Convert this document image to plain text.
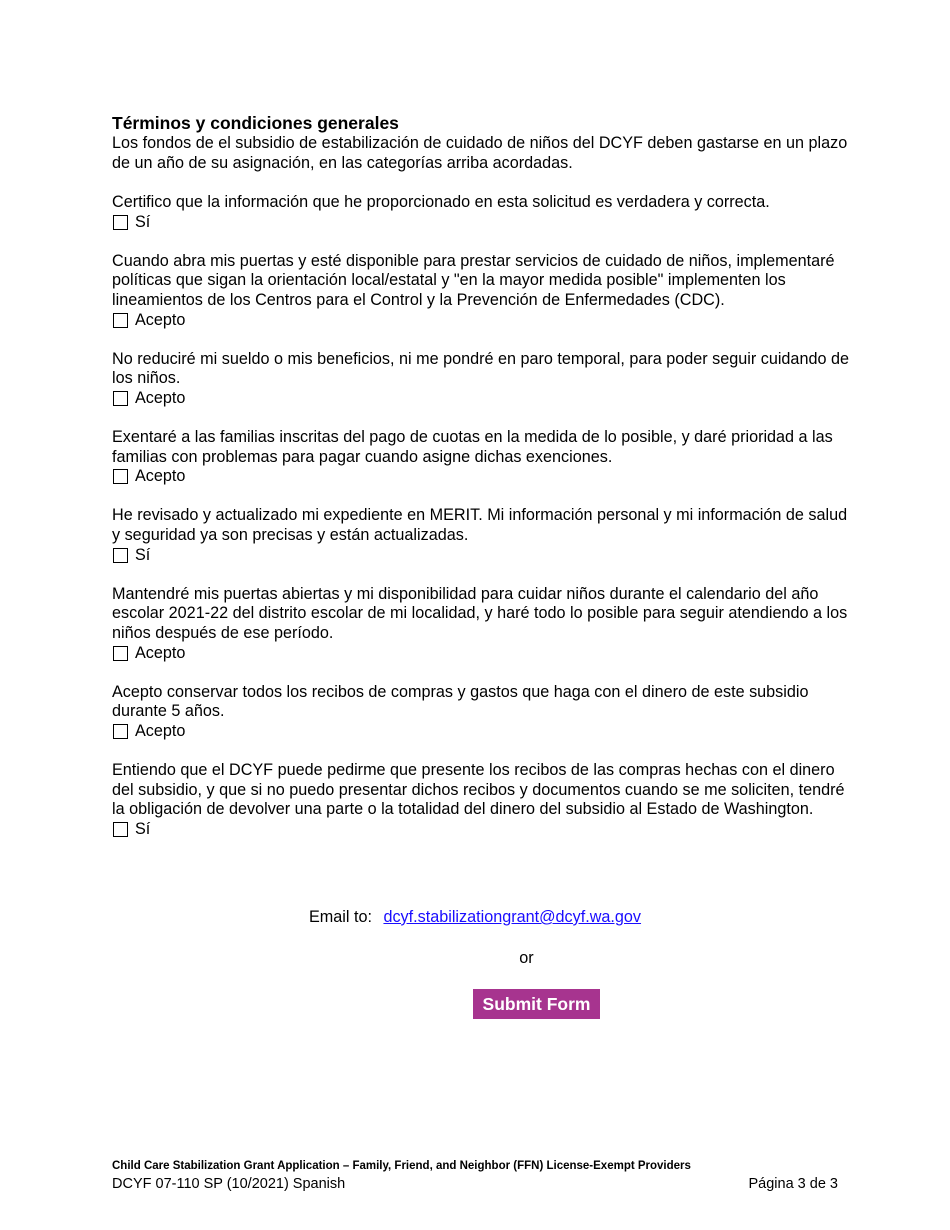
Términos y condiciones generales

Los fondos de el subsidio de estabilización de cuidado de niños del DCYF deben gastarse en un plazo de un año de su asignación, en las categorías arriba acordadas.

Certifico que la información que he proporcionado en esta solicitud es verdadera y correcta.

Sí

Cuando abra mis puertas y esté disponible para prestar servicios de cuidado de niños, implementaré políticas que sigan la orientación local/estatal y "en la mayor medida posible" implementen los lineamientos de los Centros para el Control y la Prevención de Enfermedades (CDC).

Acepto

No reduciré mi sueldo o mis beneficios, ni me pondré en paro temporal, para poder seguir cuidando de los niños.

Acepto

Exentaré a las familias inscritas del pago de cuotas en la medida de lo posible, y daré prioridad a las familias con problemas para pagar cuando asigne dichas exenciones.

Acepto

He revisado y actualizado mi expediente en MERIT. Mi información personal y mi información de salud y seguridad ya son precisas y están actualizadas.

Sí

Mantendré mis puertas abiertas y mi disponibilidad para cuidar niños durante el calendario del año escolar 2021-22 del distrito escolar de mi localidad, y haré todo lo posible para seguir atendiendo a los niños después de ese período.

Acepto

Acepto conservar todos los recibos de compras y gastos que haga con el dinero de este subsidio durante 5 años.

Acepto

Entiendo que el DCYF puede pedirme que presente los recibos de las compras hechas con el dinero del subsidio, y que si no puedo presentar dichos recibos y documentos cuando se me soliciten, tendré la obligación de devolver una parte o la totalidad del dinero del subsidio al Estado de Washington.

Sí
Email to: dcyf.stabilizationgrant@dcyf.wa.gov
or
Submit Form
Child Care Stabilization Grant Application – Family, Friend, and Neighbor (FFN) License-Exempt Providers
DCYF 07-110 SP (10/2021) Spanish	Página 3 de 3
